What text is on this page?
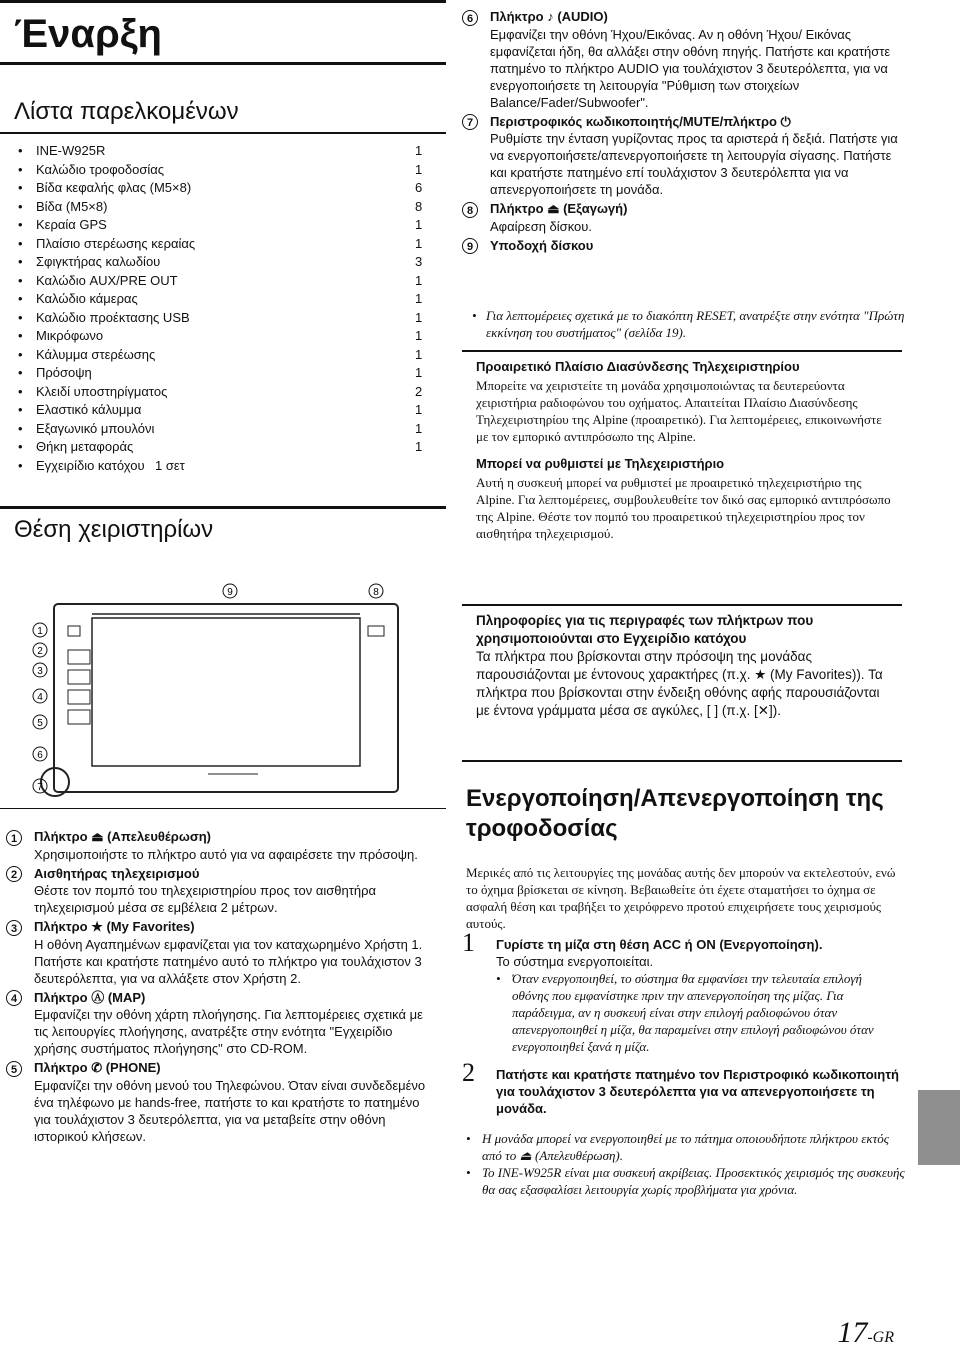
Έναρξη
Λίστα παρελκομένων
• INE-W925R	1
• Καλώδιο τροφοδοσίας	1
• Βίδα κεφαλής φλας (M5×8)	6
• Βίδα (M5×8)	8
• Κεραία GPS	1
• Πλαίσιο στερέωσης κεραίας	1
• Σφιγκτήρας καλωδίου	3
• Καλώδιο AUX/PRE OUT	1
• Καλώδιο κάμερας	1
• Καλώδιο προέκτασης USB	1
• Μικρόφωνο	1
• Κάλυμμα στερέωσης	1
• Πρόσοψη	1
• Κλειδί υποστηρίγματος	2
• Ελαστικό κάλυμμα	1
• Εξαγωνικό μπουλόνι	1
• Θήκη μεταφοράς	1
• Εγχειρίδιο κατόχου 1 σετ
Θέση χειριστηρίων
9	8
1
2
3
4
5
6
7
1 Πλήκτρο ⏏ (Απελευθέρωση)
Χρησιμοποιήστε το πλήκτρο αυτό για να αφαιρέσετε την πρόσοψη.
2 Αισθητήρας τηλεχειρισμού
Θέστε τον πομπό του τηλεχειριστηρίου προς τον αισθητήρα τηλεχειρισμού μέσα σε εμβέλεια 2 μέτρων.
3 Πλήκτρο ★ (My Favorites)
Η οθόνη Αγαπημένων εμφανίζεται για τον καταχωρημένο Χρήστη 1. Πατήστε και κρατήστε πατημένο αυτό το πλήκτρο για τουλάχιστον 3 δευτερόλεπτα, για να αλλάξετε στον Χρήστη 2.
4 Πλήκτρο Ⓐ (MAP)
Εμφανίζει την οθόνη χάρτη πλοήγησης. Για λεπτομέρειες σχετικά με τις λειτουργίες πλοήγησης, ανατρέξτε στην ενότητα "Εγχειρίδιο χρήσης συστήματος πλοήγησης" στο CD-ROM.
5 Πλήκτρο ✆ (PHONE)
Εμφανίζει την οθόνη μενού του Τηλεφώνου. Όταν είναι συνδεδεμένο ένα τηλέφωνο με hands-free, πατήστε το και κρατήστε το πατημένο για τουλάχιστον 3 δευτερόλεπτα, για να μεταβείτε στην οθόνη ιστορικού κλήσεων.
6 Πλήκτρο ♪ (AUDIO)
Εμφανίζει την οθόνη Ήχου/Εικόνας. Αν η οθόνη Ήχου/ Εικόνας εμφανίζεται ήδη, θα αλλάξει στην οθόνη πηγής. Πατήστε και κρατήστε πατημένο το πλήκτρο AUDIO για τουλάχιστον 3 δευτερόλεπτα, για να ενεργοποιήσετε τη λειτουργία "Ρύθμιση των στοιχείων Balance/Fader/Subwoofer".
7 Περιστροφικός κωδικοποιητής/MUTE/πλήκτρο ⏻
Ρυθμίστε την ένταση γυρίζοντας προς τα αριστερά ή δεξιά. Πατήστε για να ενεργοποιήσετε/απενεργοποιήσετε τη λειτουργία σίγασης. Πατήστε και κρατήστε πατημένο επί τουλάχιστον 3 δευτερόλεπτα για να απενεργοποιήσετε τη μονάδα.
8 Πλήκτρο ⏏ (Εξαγωγή)
Αφαίρεση δίσκου.
9 Υποδοχή δίσκου
• Για λεπτομέρειες σχετικά με το διακόπτη RESET, ανατρέξτε στην ενότητα "Πρώτη εκκίνηση του συστήματος" (σελίδα 19).
Προαιρετικό Πλαίσιο Διασύνδεσης Τηλεχειριστηρίου
Μπορείτε να χειριστείτε τη μονάδα χρησιμοποιώντας τα δευτερεύοντα χειριστήρια ραδιοφώνου του οχήματος. Απαιτείται Πλαίσιο Διασύνδεσης Τηλεχειριστηρίου της Alpine (προαιρετικό). Για λεπτομέρειες, επικοινωνήστε με τον εμπορικό αντιπρόσωπο της Alpine.
Μπορεί να ρυθμιστεί με Τηλεχειριστήριο
Αυτή η συσκευή μπορεί να ρυθμιστεί με προαιρετικό τηλεχειριστήριο της Alpine. Για λεπτομέρειες, συμβουλευθείτε τον δικό σας εμπορικό αντιπρόσωπο της Alpine. Θέστε τον πομπό του προαιρετικού τηλεχειριστηρίου προς τον αισθητήρα τηλεχειρισμού.
Πληροφορίες για τις περιγραφές των πλήκτρων που χρησιμοποιούνται στο Εγχειρίδιο κατόχου
Τα πλήκτρα που βρίσκονται στην πρόσοψη της μονάδας παρουσιάζονται με έντονους χαρακτήρες (π.χ. ★ (My Favorites)). Τα πλήκτρα που βρίσκονται στην ένδειξη οθόνης αφής παρουσιάζονται με έντονα γράμματα μέσα σε αγκύλες, [ ] (π.χ. [✕]).
Ενεργοποίηση/Απενεργοποίηση της τροφοδοσίας
Μερικές από τις λειτουργίες της μονάδας αυτής δεν μπορούν να εκτελεστούν, ενώ το όχημα βρίσκεται σε κίνηση. Βεβαιωθείτε ότι έχετε σταματήσει το όχημα σε ασφαλή θέση και τραβήξει το χειρόφρενο προτού επιχειρήσετε τους χειρισμούς αυτούς.
1	Γυρίστε τη μίζα στη θέση ACC ή ON (Ενεργοποίηση).
Το σύστημα ενεργοποιείται.
• Όταν ενεργοποιηθεί, το σύστημα θα εμφανίσει την τελευταία επιλογή οθόνης που εμφανίστηκε πριν την απενεργοποίηση της μίζας. Για παράδειγμα, αν η συσκευή είναι στην επιλογή ραδιοφώνου όταν απενεργοποιηθεί η μίζα, θα παραμείνει στην επιλογή ραδιοφώνου όταν ενεργοποιηθεί ξανά η μίζα.
2	Πατήστε και κρατήστε πατημένο τον Περιστροφικό κωδικοποιητή για τουλάχιστον 3 δευτερόλεπτα για να απενεργοποιήσετε τη μονάδα.
• Η μονάδα μπορεί να ενεργοποιηθεί με το πάτημα οποιουδήποτε πλήκτρου εκτός από το ⏏ (Απελευθέρωση).
• Το INE-W925R είναι μια συσκευή ακρίβειας. Προσεκτικός χειρισμός της συσκευής θα σας εξασφαλίσει λειτουργία χωρίς προβλήματα για χρόνια.
17-GR
